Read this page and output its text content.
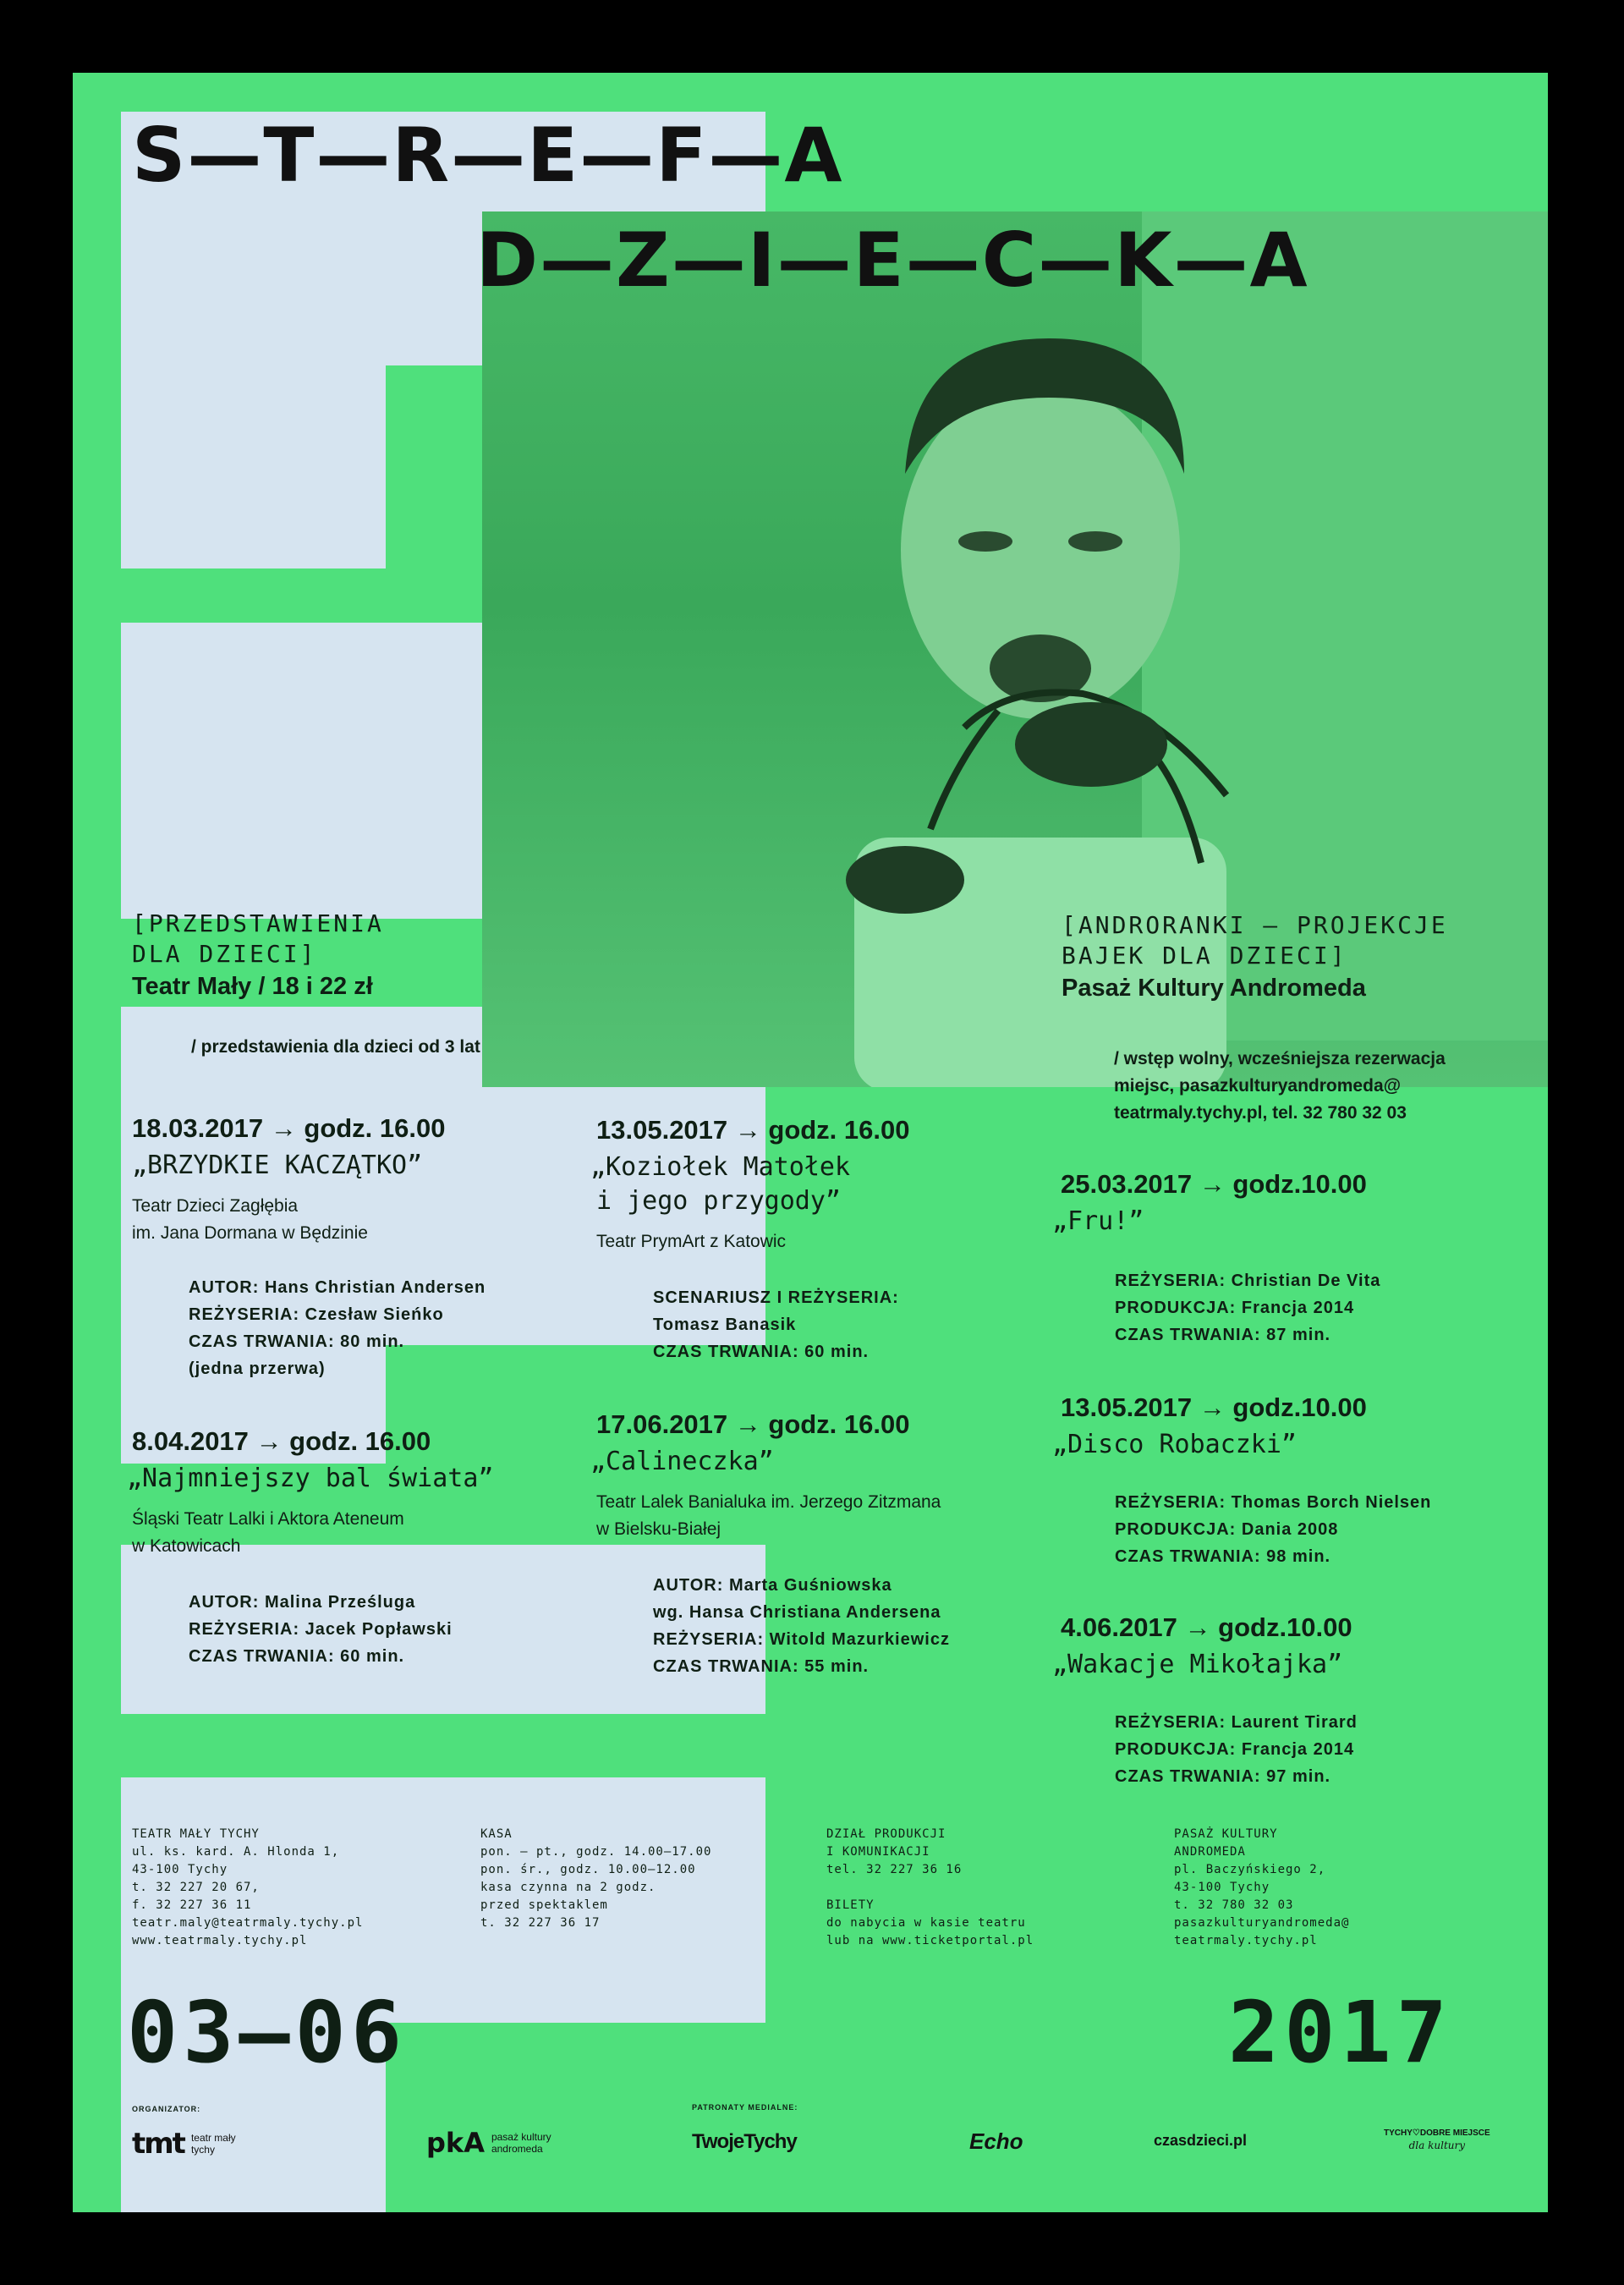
S—T—R—E—F—A
D—Z—I—E—C—K—A
[PRZEDSTAWIENIA
DLA DZIECI]
Teatr Mały / 18 i 22 zł
/ przedstawienia dla dzieci od 3 lat
[ANDRORANKI — PROJEKCJE
BAJEK DLA DZIECI]
Pasaż Kultury Andromeda
/ wstęp wolny, wcześniejsza rezerwacja
miejsc, pasazkulturyandromeda@
teatrmaly.tychy.pl, tel. 32 780 32 03
18.03.2017 → godz. 16.00
„BRZYDKIE KACZĄTKO”
Teatr Dzieci Zagłębia
im. Jana Dormana w Będzinie
AUTOR: Hans Christian Andersen
REŻYSERIA: Czesław Sieńko
CZAS TRWANIA: 80 min.
(jedna przerwa)
13.05.2017 → godz. 16.00
„Koziołek Matołek
i jego przygody”
Teatr PrymArt z Katowic
SCENARIUSZ I REŻYSERIA:
Tomasz Banasik
CZAS TRWANIA: 60 min.
8.04.2017 → godz. 16.00
„Najmniejszy bal świata”
Śląski Teatr Lalki i Aktora Ateneum
w Katowicach
AUTOR: Malina Prześluga
REŻYSERIA: Jacek Popławski
CZAS TRWANIA: 60 min.
17.06.2017 → godz. 16.00
„Calineczka”
Teatr Lalek Banialuka im. Jerzego Zitzmana
w Bielsku-Białej
AUTOR: Marta Guśniowska
wg. Hansa Christiana Andersena
REŻYSERIA: Witold Mazurkiewicz
CZAS TRWANIA: 55 min.
25.03.2017 → godz.10.00
„Fru!”
REŻYSERIA: Christian De Vita
PRODUKCJA: Francja 2014
CZAS TRWANIA: 87 min.
13.05.2017 → godz.10.00
„Disco Robaczki”
REŻYSERIA: Thomas Borch Nielsen
PRODUKCJA: Dania 2008
CZAS TRWANIA: 98 min.
4.06.2017 → godz.10.00
„Wakacje Mikołajka”
REŻYSERIA: Laurent Tirard
PRODUKCJA: Francja 2014
CZAS TRWANIA: 97 min.
TEATR MAŁY TYCHY
ul. ks. kard. A. Hlonda 1,
43-100 Tychy
t. 32 227 20 67,
f. 32 227 36 11
teatr.maly@teatrmaly.tychy.pl
www.teatrmaly.tychy.pl
KASA
pon. — pt., godz. 14.00—17.00
pon. śr., godz. 10.00—12.00
kasa czynna na 2 godz.
przed spektaklem
t. 32 227 36 17
DZIAŁ PRODUKCJI
I KOMUNIKACJI
tel. 32 227 36 16
BILETY
do nabycia w kasie teatru
lub na www.ticketportal.pl
PASAŻ KULTURY
ANDROMEDA
pl. Baczyńskiego 2,
43-100 Tychy
t. 32 780 32 03
pasazkulturyandromeda@
teatrmaly.tychy.pl
03—06	2017
ORGANIZATOR:	PATRONATY MEDIALNE:
tmt teatr mały
tychy	pkA pasaż kultury
andromeda	TwojeTychy	Echo	czasdzieci.pl	TYCHY♡DOBRE MIEJSCE
dla kultury
